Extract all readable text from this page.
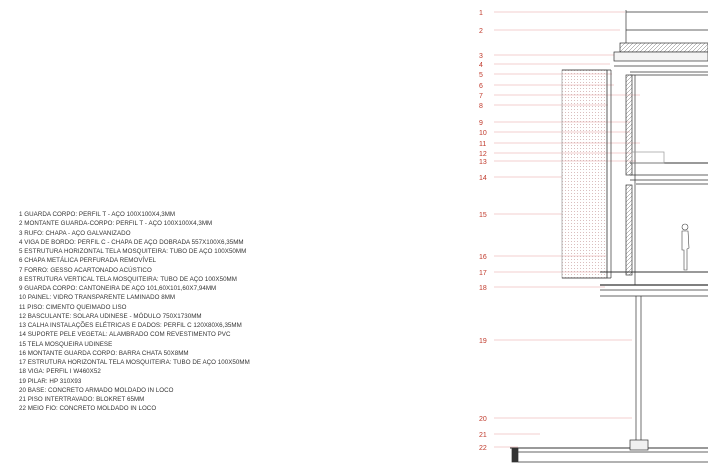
1 GUARDA CORPO: PERFIL T - AÇO 100X100X4,3MM
2 MONTANTE GUARDA-CORPO: PERFIL T - AÇO 100X100X4,3MM
3 RUFO: CHAPA - AÇO GALVANIZADO
4 VIGA DE BORDO: PERFIL C - CHAPA DE AÇO DOBRADA 557X100X6,35MM
5 ESTRUTURA HORIZONTAL TELA MOSQUITEIRA: TUBO DE AÇO 100X50MM
6 CHAPA METÁLICA PERFURADA REMOVÍVEL
7 FORRO: GESSO ACARTONADO ACÚSTICO
8 ESTRUTURA VERTICAL TELA MOSQUITEIRA: TUBO DE AÇO 100X50MM
9 GUARDA CORPO: CANTONEIRA DE AÇO 101,60X101,60X7,94MM
10 PAINEL: VIDRO TRANSPARENTE LAMINADO 8MM
11 PISO: CIMENTO QUEIMADO LISO
12 BASCULANTE: SOLARA UDINESE - MÓDULO 750X1730MM
13 CALHA INSTALAÇÕES ELÉTRICAS E DADOS: PERFIL C 120X80X6,35MM
14 SUPORTE PELE VEGETAL: ALAMBRADO COM REVESTIMENTO PVC
15 TELA MOSQUEIRA UDINESE
16 MONTANTE GUARDA CORPO: BARRA CHATA 50X8MM
17 ESTRUTURA HORIZONTAL TELA MOSQUITEIRA: TUBO DE AÇO 100X50MM
18 VIGA: PERFIL I W460X52
19 PILAR: HP 310X93
20 BASE: CONCRETO ARMADO MOLDADO IN LOCO
21 PISO INTERTRAVADO: BLOKRET 65MM
22 MEIO FIO: CONCRETO MOLDADO IN LOCO
1
2
3
4
5
6
7
8
9
10
11
12
13
14
15
16
17
18
19
20
21
22
